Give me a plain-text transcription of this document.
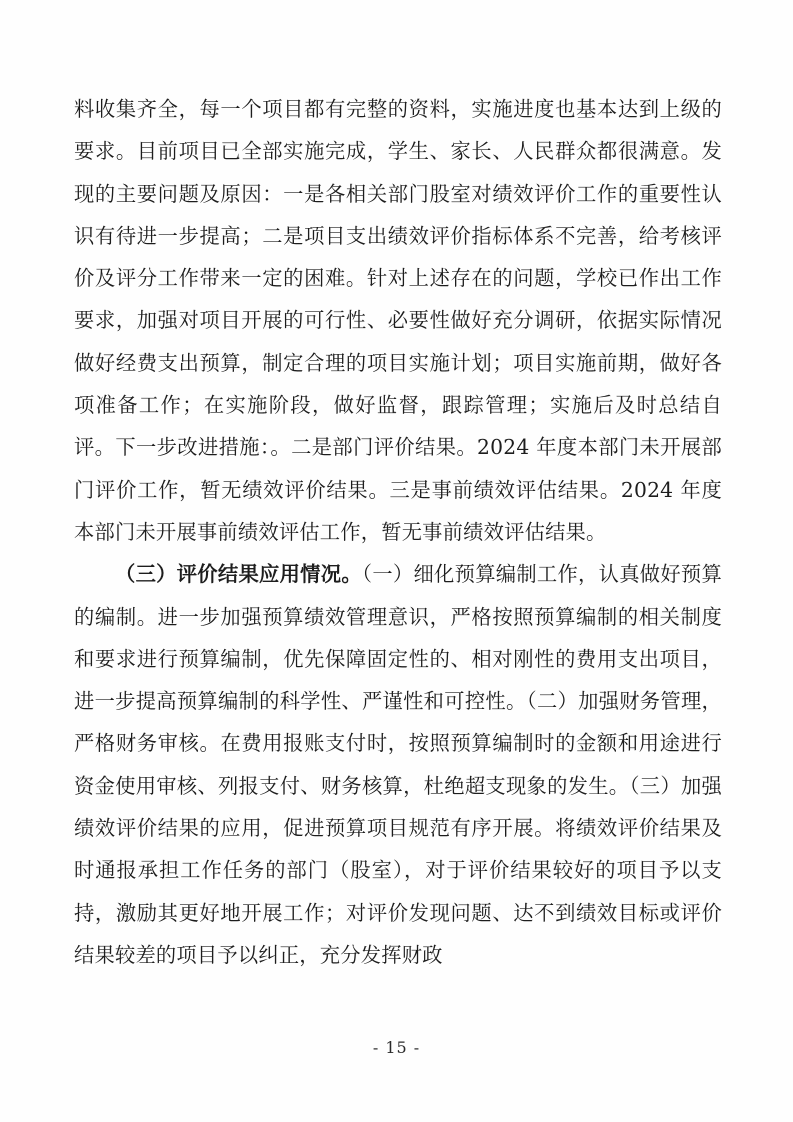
料收集齐全，每一个项目都有完整的资料，实施进度也基本达到上级的要求。目前项目已全部实施完成，学生、家长、人民群众都很满意。发现的主要问题及原因：一是各相关部门股室对绩效评价工作的重要性认识有待进一步提高；二是项目支出绩效评价指标体系不完善，给考核评价及评分工作带来一定的困难。针对上述存在的问题，学校已作出工作要求，加强对项目开展的可行性、必要性做好充分调研，依据实际情况做好经费支出预算，制定合理的项目实施计划；项目实施前期，做好各项准备工作；在实施阶段，做好监督，跟踪管理；实施后及时总结自评。下一步改进措施：。二是部门评价结果。2024 年度本部门未开展部门评价工作，暂无绩效评价结果。三是事前绩效评估结果。2024 年度本部门未开展事前绩效评估工作，暂无事前绩效评估结果。

（三）评价结果应用情况。（一）细化预算编制工作，认真做好预算的编制。进一步加强预算绩效管理意识，严格按照预算编制的相关制度和要求进行预算编制，优先保障固定性的、相对刚性的费用支出项目，进一步提高预算编制的科学性、严谨性和可控性。（二）加强财务管理，严格财务审核。在费用报账支付时，按照预算编制时的金额和用途进行资金使用审核、列报支付、财务核算，杜绝超支现象的发生。（三）加强绩效评价结果的应用，促进预算项目规范有序开展。将绩效评价结果及时通报承担工作任务的部门（股室），对于评价结果较好的项目予以支持，激励其更好地开展工作；对评价发现问题、达不到绩效目标或评价结果较差的项目予以纠正，充分发挥财政

- 15 -
